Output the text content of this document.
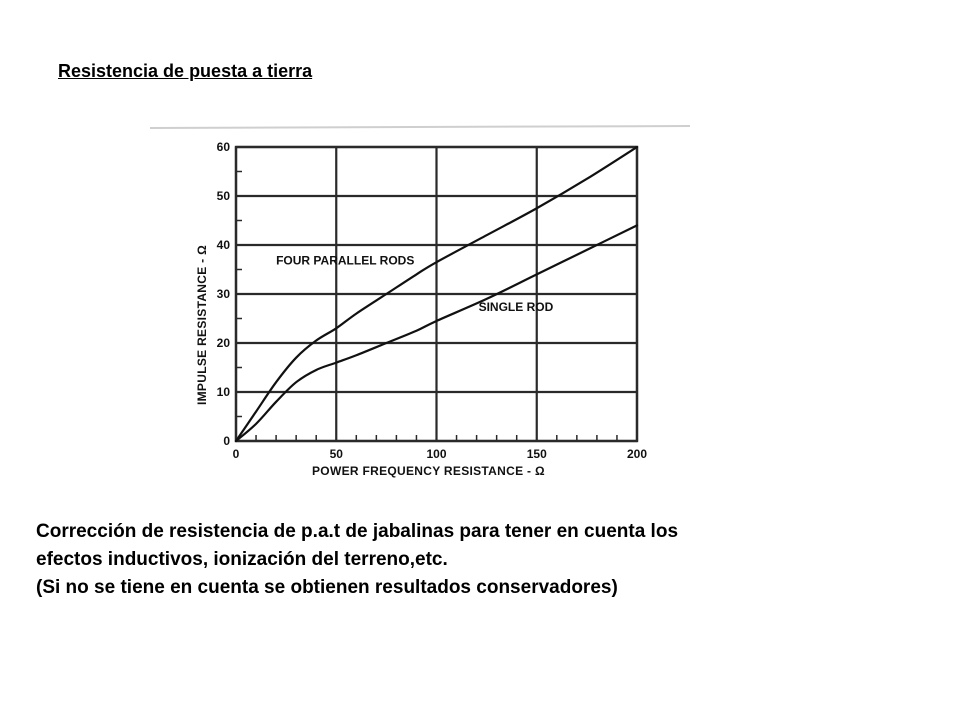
Resistencia de puesta a tierra
0
10
20
30
40
50
60
0	50	100	150	200
POWER FREQUENCY RESISTANCE - Ω
IMPULSE RESISTANCE - Ω	FOUR PARALLEL RODS
SINGLE ROD
Corrección de resistencia de p.a.t de jabalinas para tener en cuenta los
efectos inductivos, ionización del terreno,etc.
(Si no se tiene en cuenta se obtienen resultados conservadores)
